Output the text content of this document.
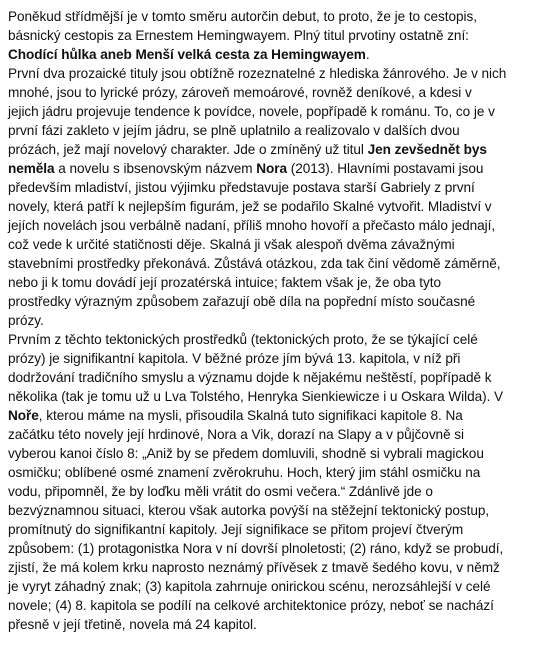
Poněkud střídmější je v tomto směru autorčin debut, to proto, že je to cestopis,
básnický cestopis za Ernestem Hemingwayem. Plný titul prvotiny ostatně zní:
Chodící hůlka aneb Menší velká cesta za Hemingwayem.
První dva prozaické tituly jsou obtížně rozeznatelné z hlediska žánrového. Je v nich
mnohé, jsou to lyrické prózy, zároveň memoárové, rovněž deníkové, a kdesi v
jejich jádru projevuje tendence k povídce, novele, popřípadě k románu. To, co je v
první fázi zakleto v jejím jádru, se plně uplatnilo a realizovalo v dalších dvou
prózách, jež mají novelový charakter. Jde o zmíněný už titul Jen zevšednět bys
neměla a novelu s ibsenovským názvem Nora (2013). Hlavními postavami jsou
především mladiství, jistou výjimku představuje postava starší Gabriely z první
novely, která patří k nejlepším figurám, jež se podařilo Skalné vytvořit. Mladiství v
jejích novelách jsou verbálně nadaní, příliš mnoho hovoří a přečasto málo jednají,
což vede k určité statičnosti děje. Skalná ji však alespoň dvěma závažnými
stavebními prostředky překonává. Zůstává otázkou, zda tak činí vědomě záměrně,
nebo ji k tomu dovádí její prozatérská intuice; faktem však je, že oba tyto
prostředky výrazným způsobem zařazují obě díla na popřední místo současné
prózy.
Prvním z těchto tektonických prostředků (tektonických proto, že se týkající celé
prózy) je signifikantní kapitola. V běžné próze jím bývá 13. kapitola, v níž při
dodržování tradičního smyslu a významu dojde k nějakému neštěstí, popřípadě k
několika (tak je tomu už u Lva Tolstého, Henryka Sienkiewicze i u Oskara Wilda). V
Noře, kterou máme na mysli, přisoudila Skalná tuto signifikaci kapitole 8. Na
začátku této novely její hrdinové, Nora a Vik, dorazí na Slapy a v půjčovně si
vyberou kanoi číslo 8: „Aniž by se předem domluvili, shodně si vybrali magickou
osmičku; oblíbené osmé znamení zvěrokruhu. Hoch, který jim stáhl osmičku na
vodu, připomněl, že by loďku měli vrátit do osmi večera.“ Zdánlivě jde o
bezvýznamnou situaci, kterou však autorka povýší na stěžejní tektonický postup,
promítnutý do signifikantní kapitoly. Její signifikace se přitom projeví čtverým
způsobem: (1) protagonistka Nora v ní dovrší plnoletosti; (2) ráno, když se probudí,
zjistí, že má kolem krku naprosto neznámý přívěsek z tmavě šedého kovu, v němž
je vyryt záhadný znak; (3) kapitola zahrnuje onirickou scénu, nerozsáhlejší v celé
novele; (4) 8. kapitola se podílí na celkové architektonice prózy, neboť se nachází
přesně v její třetině, novela má 24 kapitol.
